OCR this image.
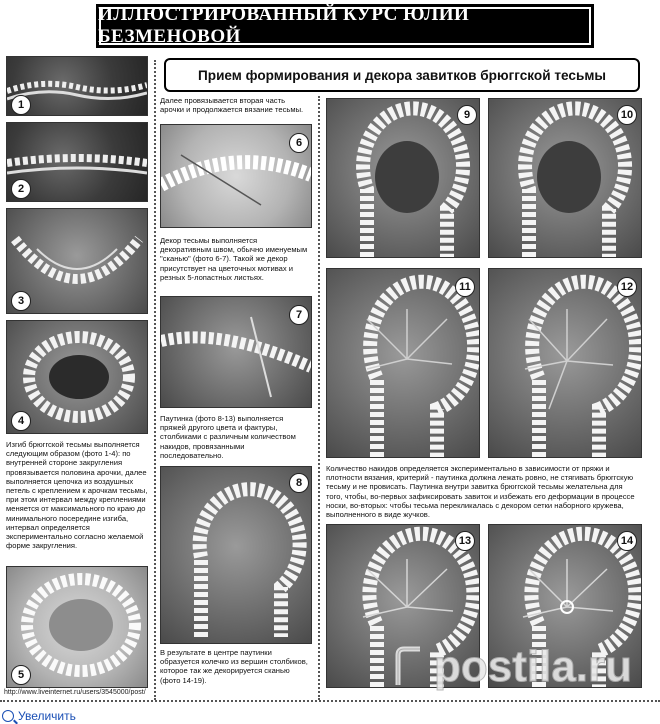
ИЛЛЮСТРИРОВАННЫЙ КУРС ЮЛИИ БЕЗМЕНОВОЙ
Прием формирования и декора завитков брюггской тесьмы
1
2
3
4
Изгиб брюггской тесьмы выполняется следующим образом (фото 1-4): по внутренней стороне закругления провязывается половина арочки, далее выполняется цепочка из воздушных петель с креплением к арочкам тесьмы, при этом интервал между креплениями меняется от максимального по краю до минимального посередине изгиба, интервал определяется экспериментально согласно желаемой форме закругления.
5
Далее провязывается вторая часть арочки и продолжается вязание тесьмы.
6
Декор тесьмы выполняется декоративным швом, обычно именуемым "сканью" (фото 6-7). Такой же декор присутствует на цветочных мотивах и резных 5-лопастных листьях.
7
Паутинка (фото 8-13) выполняется пряжей другого цвета и фактуры, столбиками с различным количеством накидов, провязанными последовательно.
8
В результате в центре паутинки образуется колечко из вершин столбиков, которое так же декорируется сканью (фото 14-19).
9	10
11	12
Количество накидов определяется экспериментально в зависимости от пряжи и плотности вязания, критерий - паутинка должна лежать ровно, не стягивать брюггскую тесьму и не провисать. Паутинка внутри завитка брюггской тесьмы желательна для того, чтобы, во-первых зафиксировать завиток и избежать его деформации в процессе носки, во-вторых: чтобы тесьма перекликалась с декором сетки наборного кружева, выполненного в виде жучков.
13	14
postila.ru
http://www.liveinternet.ru/users/3545000/post/
Увеличить
